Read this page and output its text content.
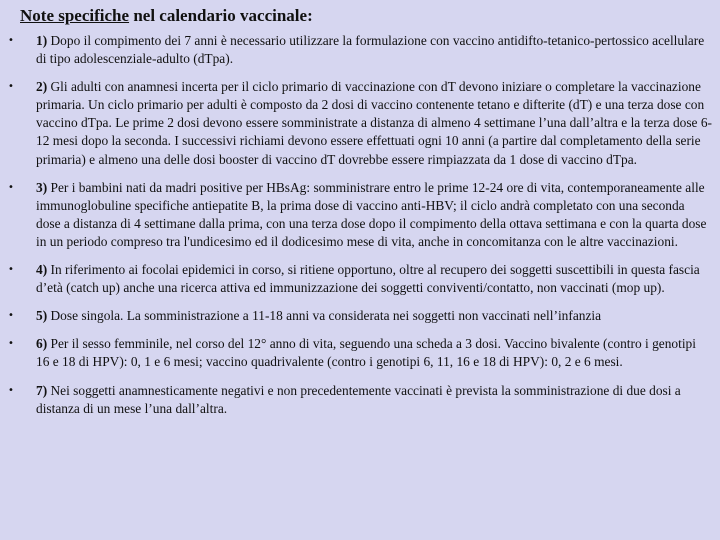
Note specifiche nel calendario vaccinale:
• 1) Dopo il compimento dei 7 anni è necessario utilizzare la formulazione con vaccino antidifto-tetanico-pertossico acellulare di tipo adolescenziale-adulto (dTpa).
• 2) Gli adulti con anamnesi incerta per il ciclo primario di vaccinazione con dT devono iniziare o completare la vaccinazione primaria. Un ciclo primario per adulti è composto da 2 dosi di vaccino contenente tetano e difterite (dT) e una terza dose con vaccino dTpa. Le prime 2 dosi devono essere somministrate a distanza di almeno 4 settimane l’una dall’altra e la terza dose 6-12 mesi dopo la seconda. I successivi richiami devono essere effettuati ogni 10 anni (a partire dal completamento della serie primaria) e almeno una delle dosi booster di vaccino dT dovrebbe essere rimpiazzata da 1 dose di vaccino dTpa.
• 3) Per i bambini nati da madri positive per HBsAg: somministrare entro le prime 12-24 ore di vita, contemporaneamente alle immunoglobuline specifiche antiepatite B, la prima dose di vaccino anti-HBV; il ciclo andrà completato con una seconda dose a distanza di 4 settimane dalla prima, con una terza dose dopo il compimento della ottava settimana e con la quarta dose in un periodo compreso tra l'undicesimo ed il dodicesimo mese di vita, anche in concomitanza con le altre vaccinazioni.
• 4) In riferimento ai focolai epidemici in corso, si ritiene opportuno, oltre al recupero dei soggetti suscettibili in questa fascia d’età (catch up) anche una ricerca attiva ed immunizzazione dei soggetti conviventi/contatto, non vaccinati (mop up).
• 5) Dose singola. La somministrazione a 11-18 anni va considerata nei soggetti non vaccinati nell’infanzia
• 6) Per il sesso femminile, nel corso del 12° anno di vita, seguendo una scheda a 3 dosi. Vaccino bivalente (contro i genotipi 16 e 18 di HPV): 0, 1 e 6 mesi; vaccino quadrivalente (contro i genotipi 6, 11, 16 e 18 di HPV): 0, 2 e 6 mesi.
• 7) Nei soggetti anamnesticamente negativi e non precedentemente vaccinati è prevista la somministrazione di due dosi a distanza di un mese l’una dall’altra.
